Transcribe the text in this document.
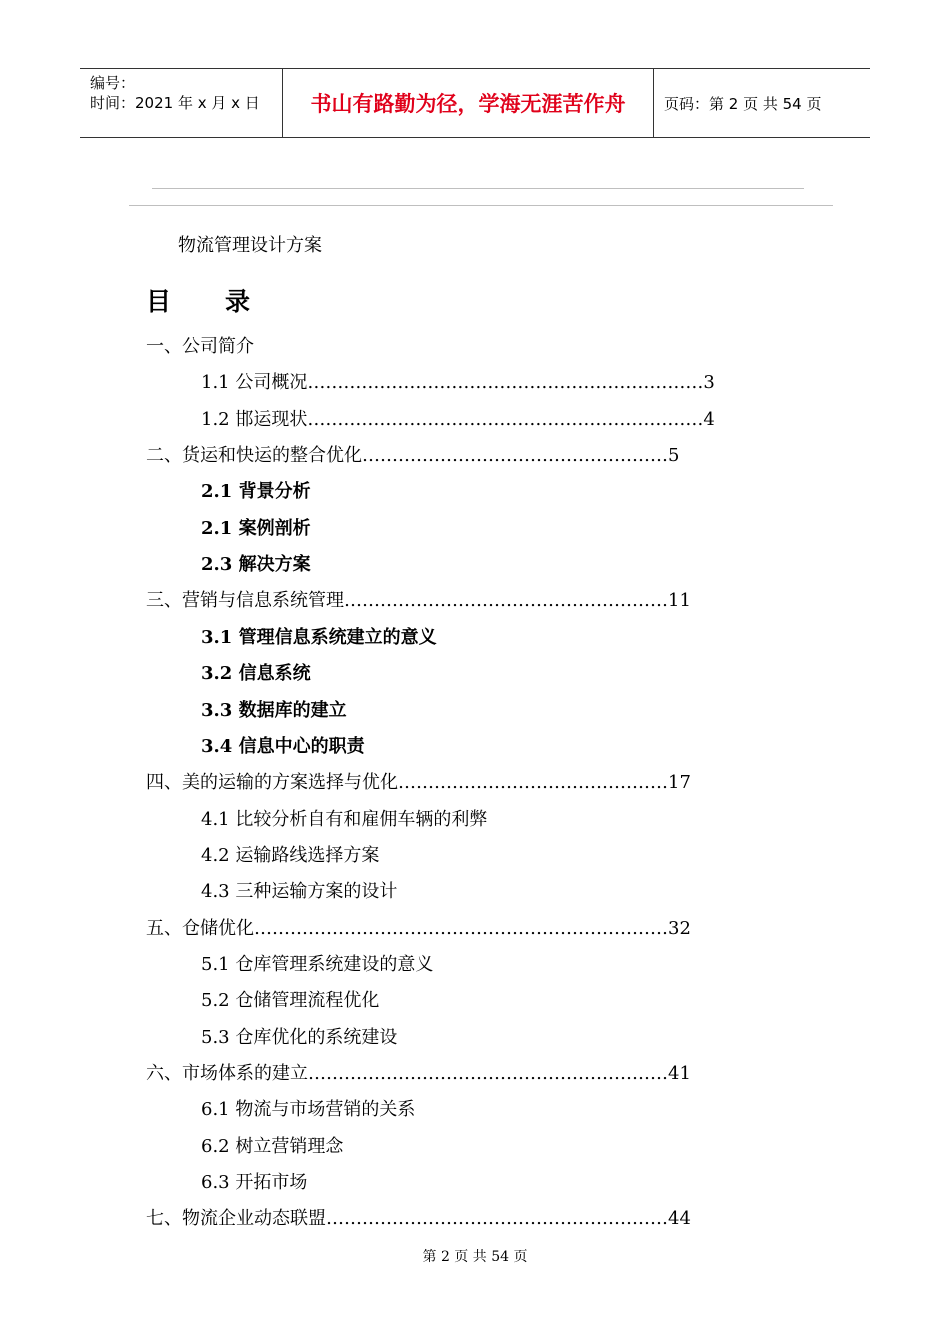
编号：
时间：2021 年 x 月 x 日	书山有路勤为径，学海无涯苦作舟	页码：第 2 页 共 54 页
物流管理设计方案
目录
一、公司简介
1.1 公司概况…………………………………………………………3
1.2 邯运现状…………………………………………………………4
二、货运和快运的整合优化……………………………………………5
2.1 背景分析
2.1 案例剖析
2.3 解决方案
三、营销与信息系统管理………………………………………………11
3.1 管理信息系统建立的意义
3.2 信息系统
3.3 数据库的建立
3.4 信息中心的职责
四、美的运输的方案选择与优化………………………………………17
4.1 比较分析自有和雇佣车辆的利弊
4.2 运输路线选择方案
4.3 三种运输方案的设计
五、仓储优化……………………………………………………………32
5.1 仓库管理系统建设的意义
5.2 仓储管理流程优化
5.3 仓库优化的系统建设
六、市场体系的建立……………………………………………………41
6.1 物流与市场营销的关系
6.2 树立营销理念
6.3 开拓市场
七、物流企业动态联盟…………………………………………………44
第 2 页 共 54 页
